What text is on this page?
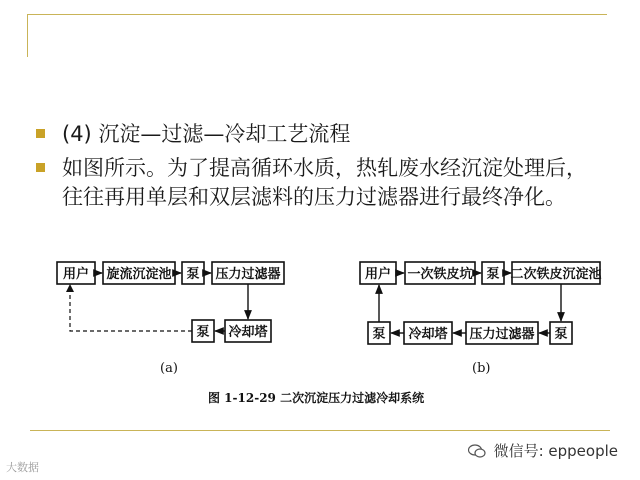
(4) 沉淀—过滤—冷却工艺流程
如图所示。为了提高循环水质，热轧废水经沉淀处理后，往往再用单层和双层滤料的压力过滤器进行最终净化。
用户 旋流沉淀池 泵 压力过滤器
泵 冷却塔
(a)
用户 一次铁皮坑 泵 二次铁皮沉淀池
泵 冷却塔 压力过滤器 泵
(b)
图 1-12-29 二次沉淀压力过滤冷却系统
微信号: eppeople
大数据
